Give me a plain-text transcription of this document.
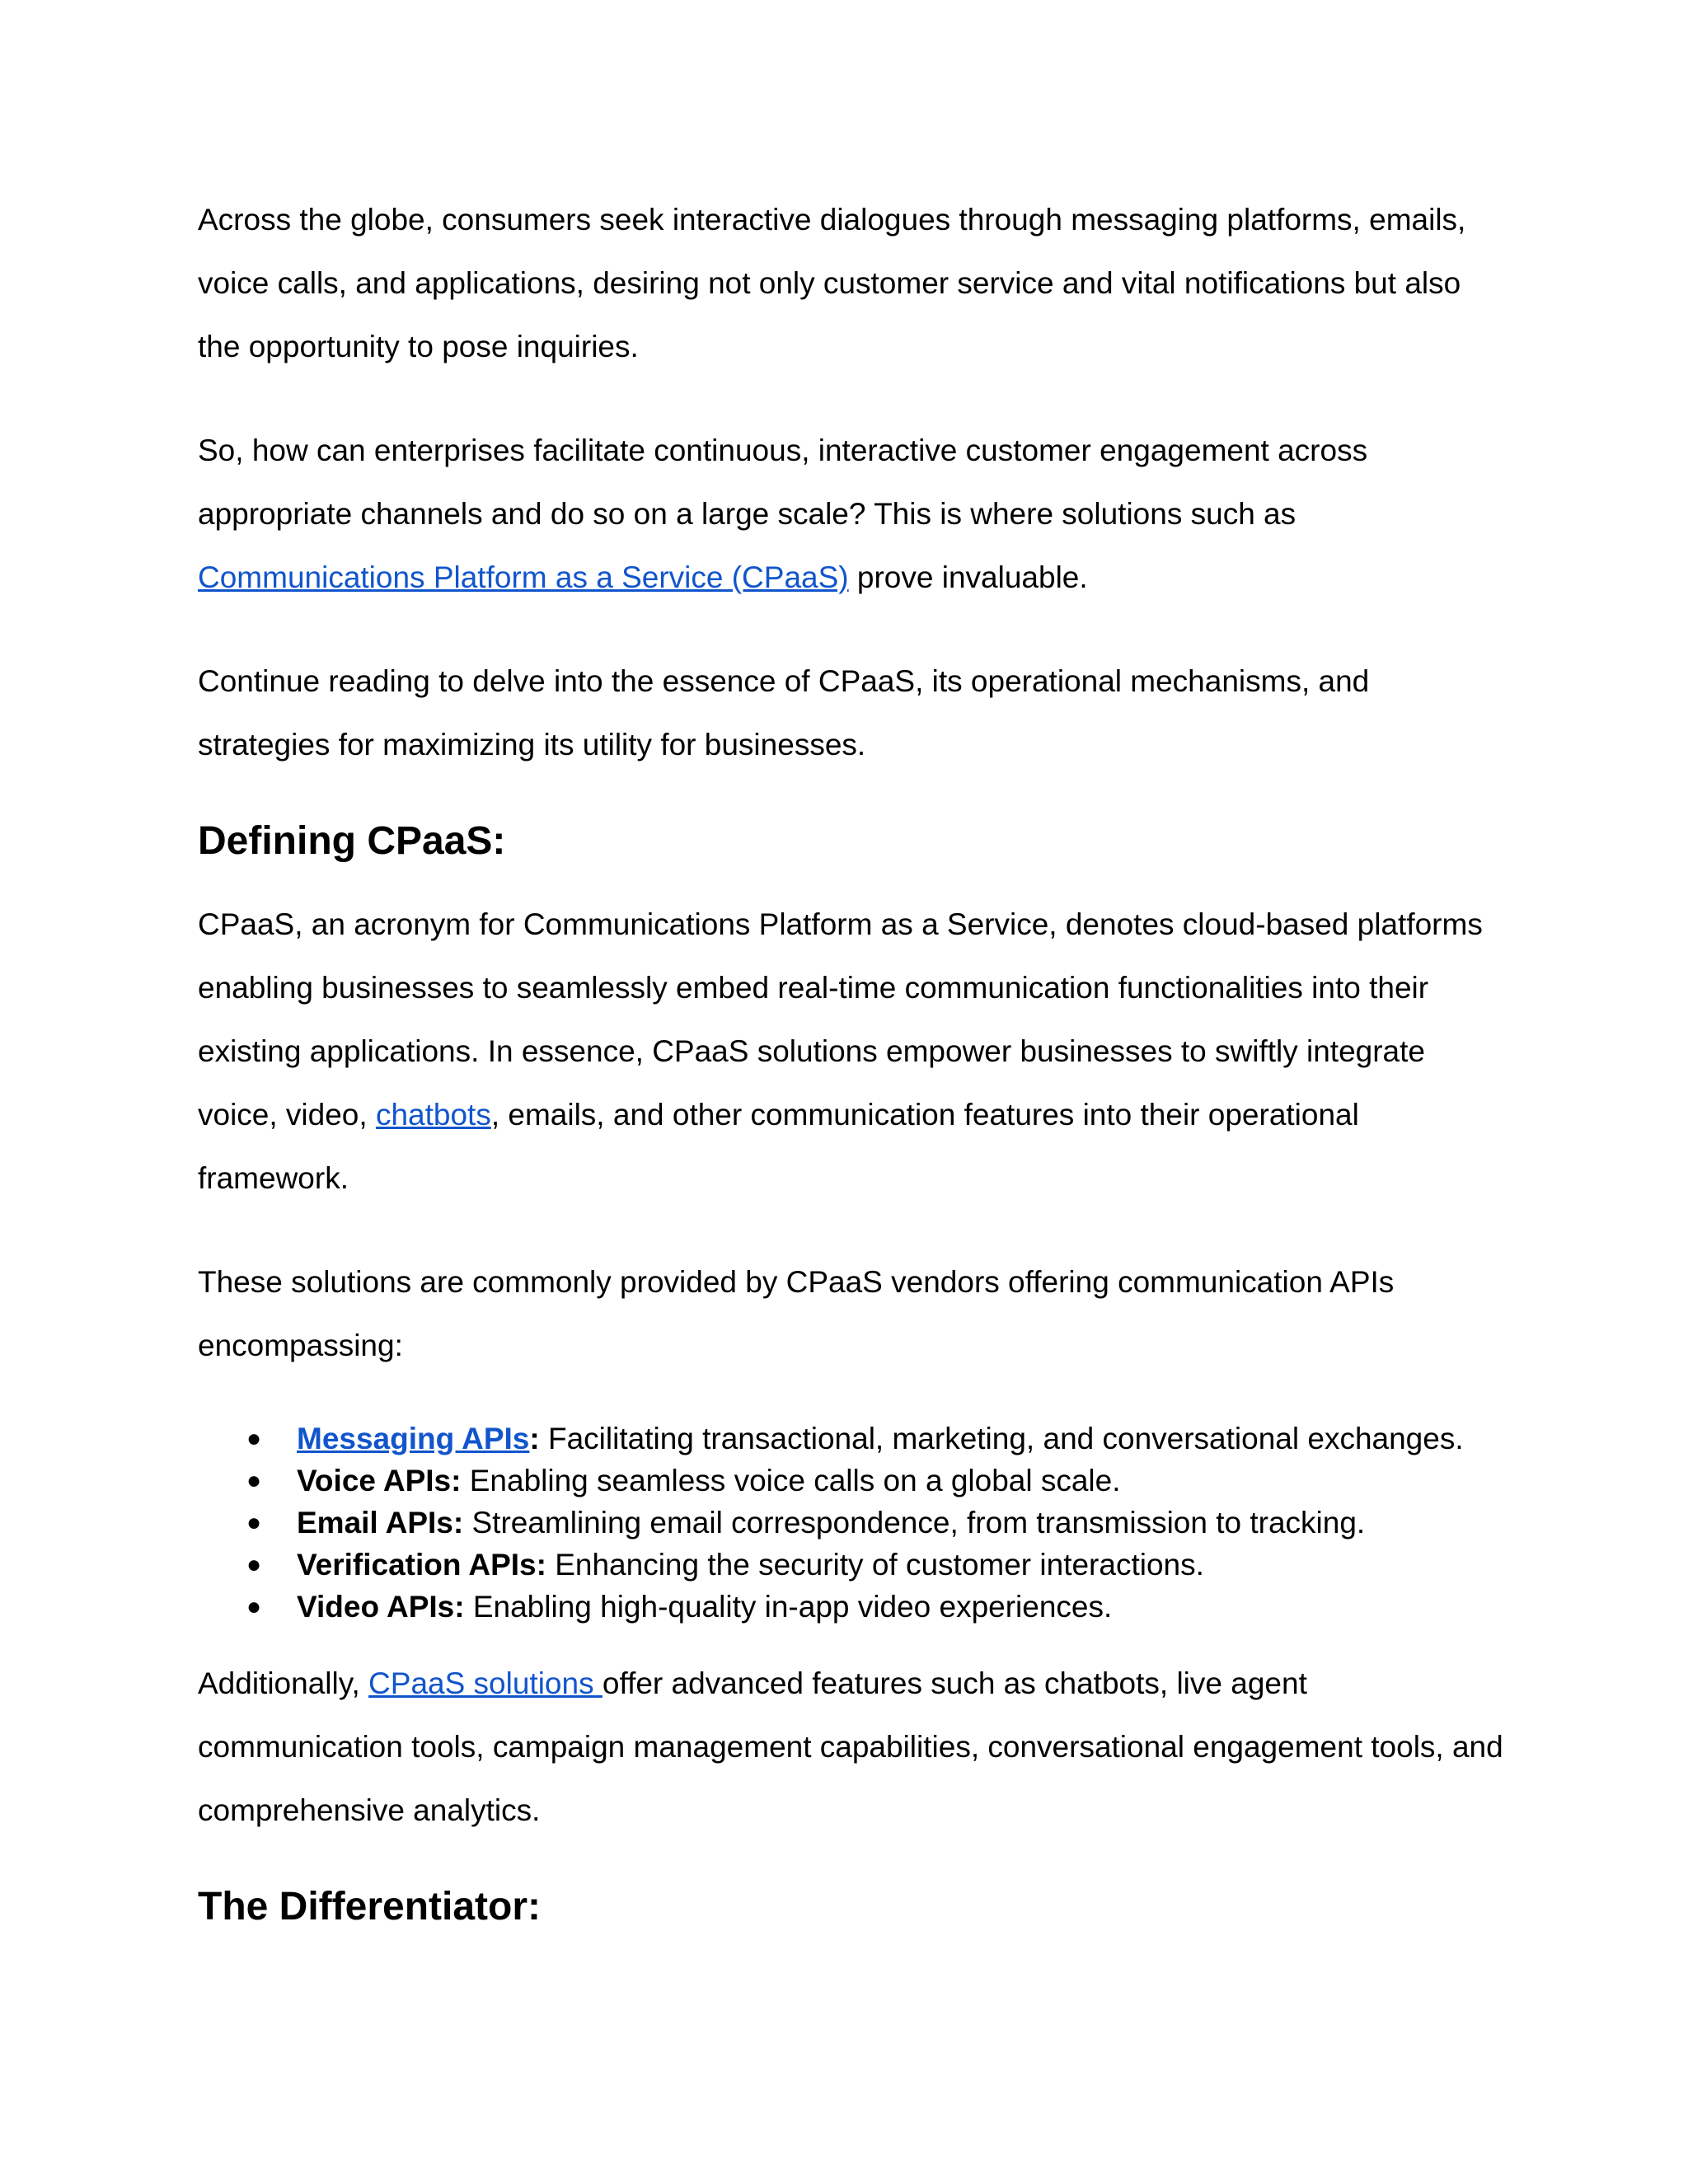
Across the globe, consumers seek interactive dialogues through messaging platforms, emails, voice calls, and applications, desiring not only customer service and vital notifications but also the opportunity to pose inquiries.

So, how can enterprises facilitate continuous, interactive customer engagement across appropriate channels and do so on a large scale? This is where solutions such as Communications Platform as a Service (CPaaS) prove invaluable.

Continue reading to delve into the essence of CPaaS, its operational mechanisms, and strategies for maximizing its utility for businesses.

Defining CPaaS:

CPaaS, an acronym for Communications Platform as a Service, denotes cloud-based platforms enabling businesses to seamlessly embed real-time communication functionalities into their existing applications. In essence, CPaaS solutions empower businesses to swiftly integrate voice, video, chatbots, emails, and other communication features into their operational framework.

These solutions are commonly provided by CPaaS vendors offering communication APIs encompassing:

● Messaging APIs: Facilitating transactional, marketing, and conversational exchanges.
● Voice APIs: Enabling seamless voice calls on a global scale.
● Email APIs: Streamlining email correspondence, from transmission to tracking.
● Verification APIs: Enhancing the security of customer interactions.
● Video APIs: Enabling high-quality in-app video experiences.

Additionally, CPaaS solutions offer advanced features such as chatbots, live agent communication tools, campaign management capabilities, conversational engagement tools, and comprehensive analytics.

The Differentiator:
